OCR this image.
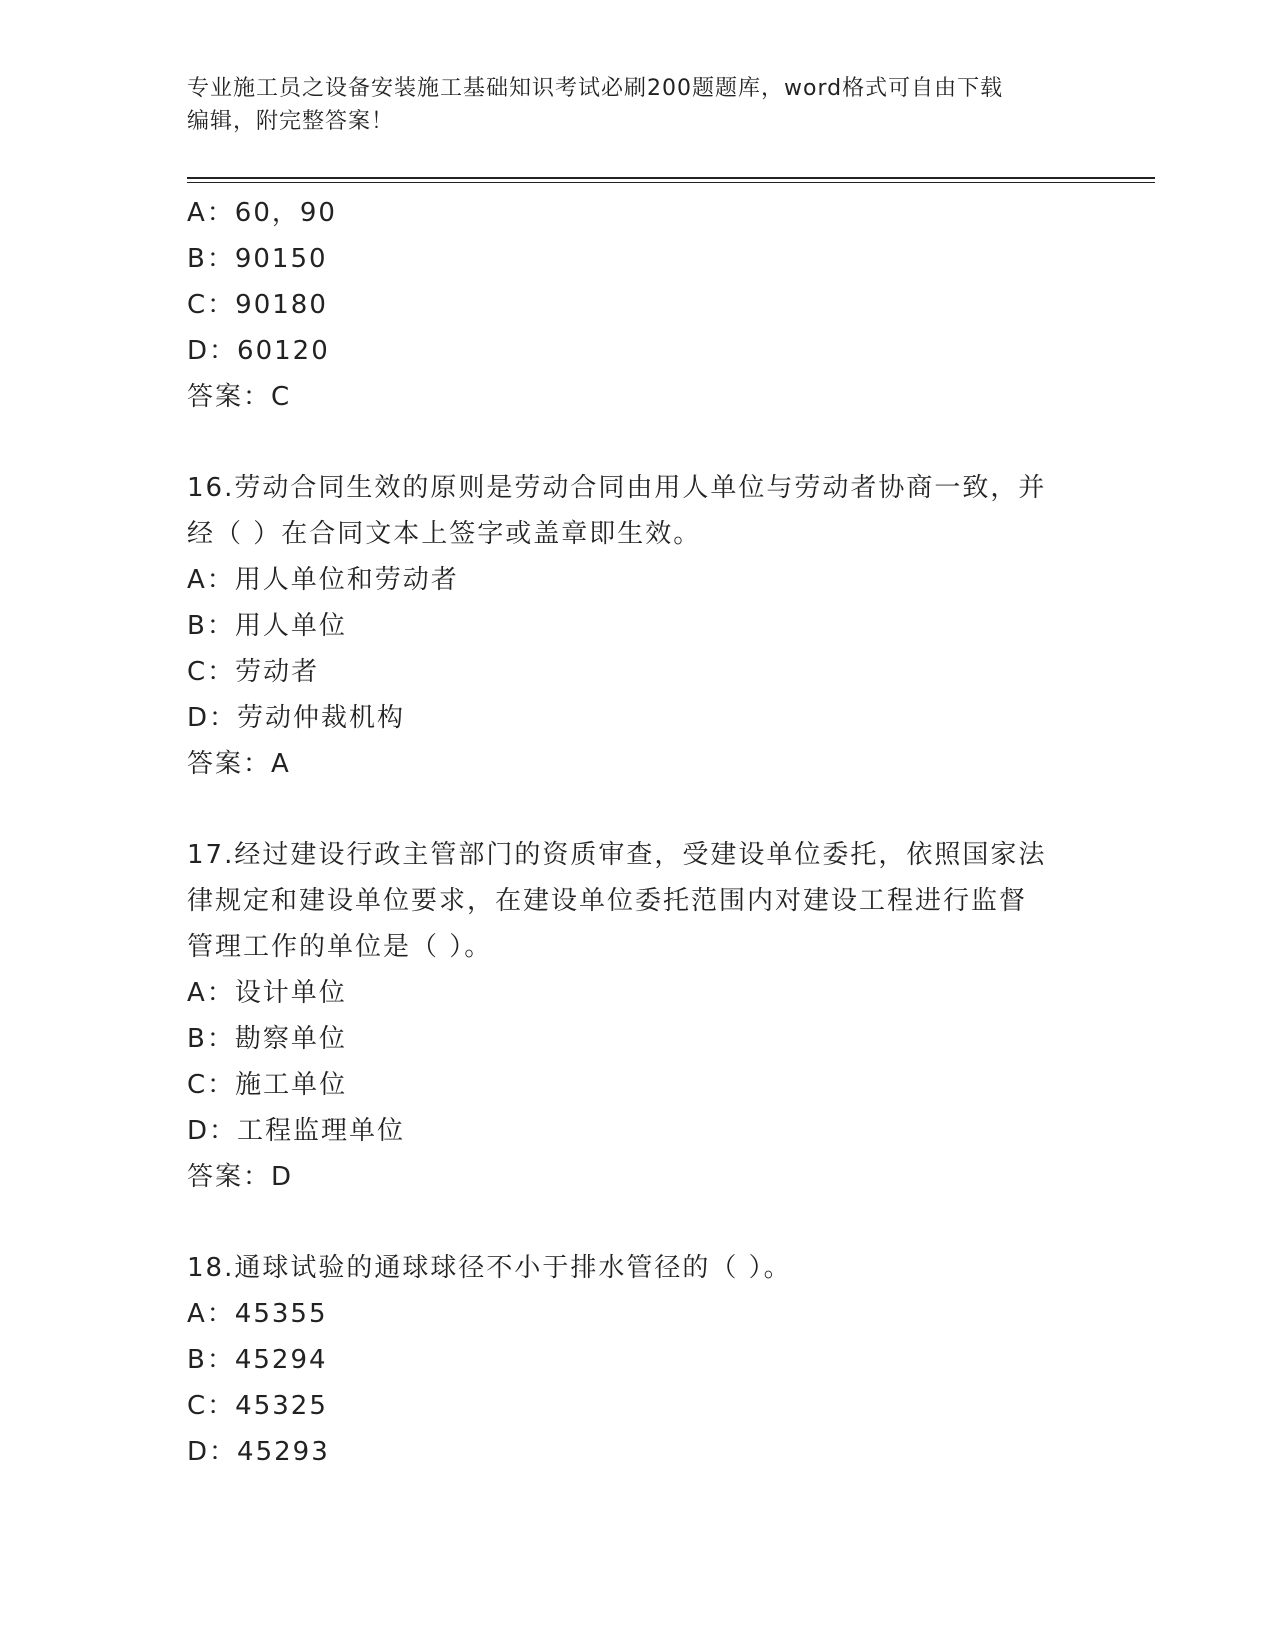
专业施工员之设备安装施工基础知识考试必刷200题题库，word格式可自由下载
编辑，附完整答案！
A：60，90
B：90150
C：90180
D：60120
答案：C
16.劳动合同生效的原则是劳动合同由用人单位与劳动者协商一致，并
经（ ）在合同文本上签字或盖章即生效。
A：用人单位和劳动者
B：用人单位
C：劳动者
D：劳动仲裁机构
答案：A
17.经过建设行政主管部门的资质审查，受建设单位委托，依照国家法
律规定和建设单位要求，在建设单位委托范围内对建设工程进行监督
管理工作的单位是（ ）。
A：设计单位
B：勘察单位
C：施工单位
D：工程监理单位
答案：D
18.通球试验的通球球径不小于排水管径的（ ）。
A：45355
B：45294
C：45325
D：45293
